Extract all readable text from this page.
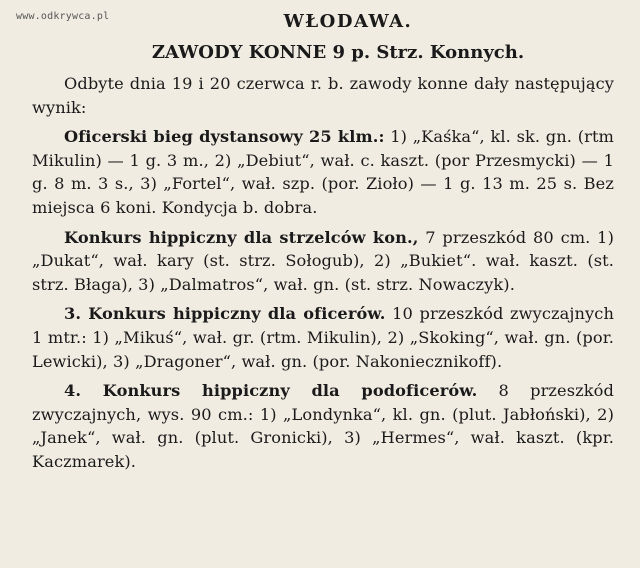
www.odkrywca.pl	WŁODAWA.
ZAWODY KONNE 9 p. Strz. Konnych.

Odbyte dnia 19 i 20 czerwca r. b. zawody konne dały następujący wynik:

Oficerski bieg dystansowy 25 klm.: 1) „Kaśka“, kl. sk. gn. (rtm Mikulin) — 1 g. 3 m., 2) „Debiut“, wał. c. kaszt. (por Przesmycki) — 1 g. 8 m. 3 s., 3) „Fortel“, wał. szp. (por. Zioło) — 1 g. 13 m. 25 s. Bez miejsca 6 koni. Kondycja b. dobra.

Konkurs hippiczny dla strzelców kon., 7 przeszkód 80 cm. 1) „Dukat“, wał. kary (st. strz. Sołogub), 2) „Bukiet“. wał. kaszt. (st. strz. Błaga), 3) „Dalmatros“, wał. gn. (st. strz. Nowaczyk).

3. Konkurs hippiczny dla oficerów. 10 przeszkód zwyczajnych 1 mtr.: 1) „Mikuś“, wał. gr. (rtm. Mikulin), 2) „Skoking“, wał. gn. (por. Lewicki), 3) „Dragoner“, wał. gn. (por. Nakonieсznikoff).

4. Konkurs hippiczny dla podoficerów. 8 przeszkód zwyczajnych, wys. 90 cm.: 1) „Londynka“, kl. gn. (plut. Jabłoński), 2) „Janek“, wał. gn. (plut. Gronicki), 3) „Hermes“, wał. kaszt. (kpr. Kaczmarek).
